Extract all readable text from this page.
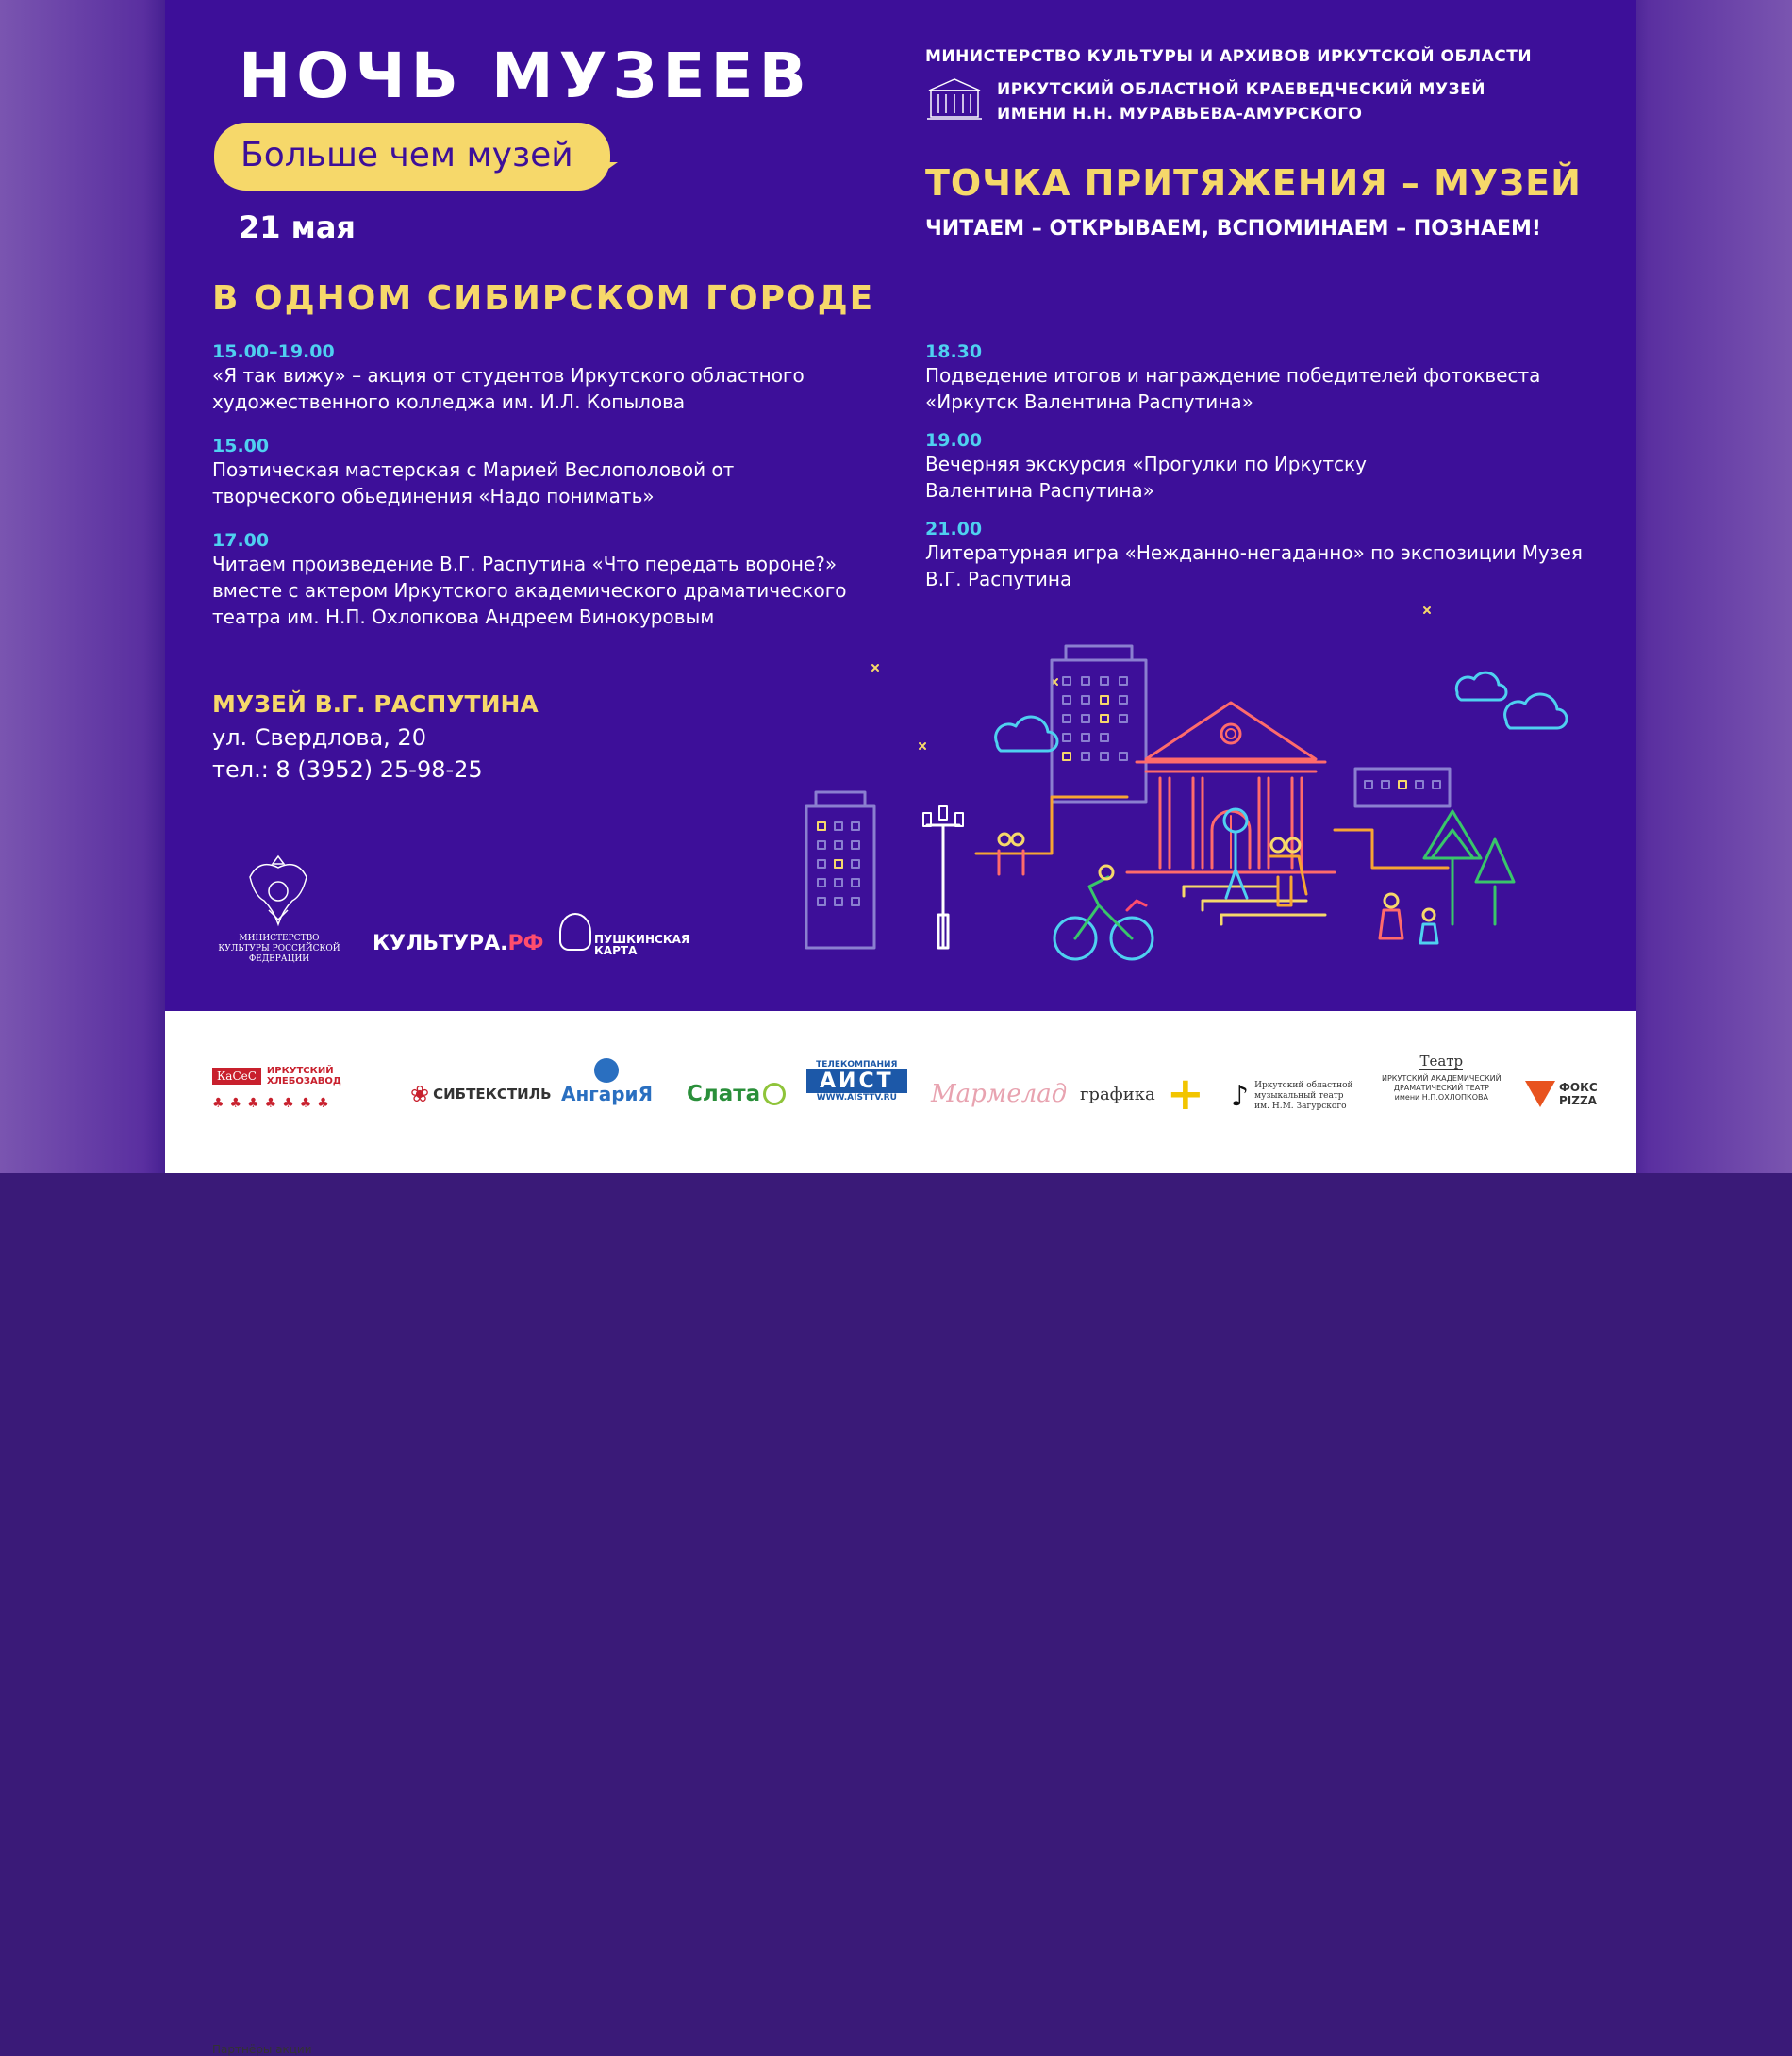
НОЧЬ МУЗЕЕВ
Больше чем музей
21 мая
В ОДНОМ СИБИРСКОМ ГОРОДЕ
15.00–19.00
«Я так вижу» – акция от студентов Иркутского областного художественного колледжа им. И.Л. Копылова
15.00
Поэтическая мастерская с Марией Веслополовой от творческого обьединения «Надо понимать»
17.00
Читаем произведение В.Г. Распутина «Что передать вороне?» вместе с актером Иркутского академического драматического театра им. Н.П. Охлопкова Андреем Винокуровым
МУЗЕЙ В.Г. РАСПУТИНА
ул. Свердлова, 20
тел.: 8 (3952) 25-98-25
МИНИСТЕРСТВО КУЛЬТУРЫ И АРХИВОВ ИРКУТСКОЙ ОБЛАСТИ
ИРКУТСКИЙ ОБЛАСТНОЙ КРАЕВЕДЧЕСКИЙ МУЗЕЙ
ИМЕНИ Н.Н. МУРАВЬЕВА-АМУРСКОГО
ТОЧКА ПРИТЯЖЕНИЯ – МУЗЕЙ
ЧИТАЕМ – ОТКРЫВАЕМ, ВСПОМИНАЕМ – ПОЗНАЕМ!
18.30
Подведение итогов и награждение победителей фотоквеста «Иркутск Валентина Распутина»
19.00
Вечерняя экскурсия «Прогулки по Иркутску Валентина Распутина»
21.00
Литературная игра «Нежданно-негаданно» по экспозиции Музея В.Г. Распутина
МИНИСТЕРСТВО КУЛЬТУРЫ РОССИЙСКОЙ ФЕДЕРАЦИИ
КУЛЬТУРА.РФ	ПУШКИНСКАЯ
КАРТА
Партнёры акции
КаСеС	ИРКУТСКИЙ ХЛЕБОЗАВОД
♣♣♣♣♣♣♣	❀ СИБТЕКСТИЛЬ АнгариЯ Слата
ТЕЛЕКОМПАНИЯ
АИСТ
WWW.AISTTV.RU Мармелад графика + ♪ Иркутский областной
музыкальный театр
им. Н.М. Загурского
Театр
ИРКУТСКИЙ АКАДЕМИЧЕСКИЙ
ДРАМАТИЧЕСКИЙ ТЕАТР
имени Н.П.ОХЛОПКОВА
ФОКС
PIZZA
